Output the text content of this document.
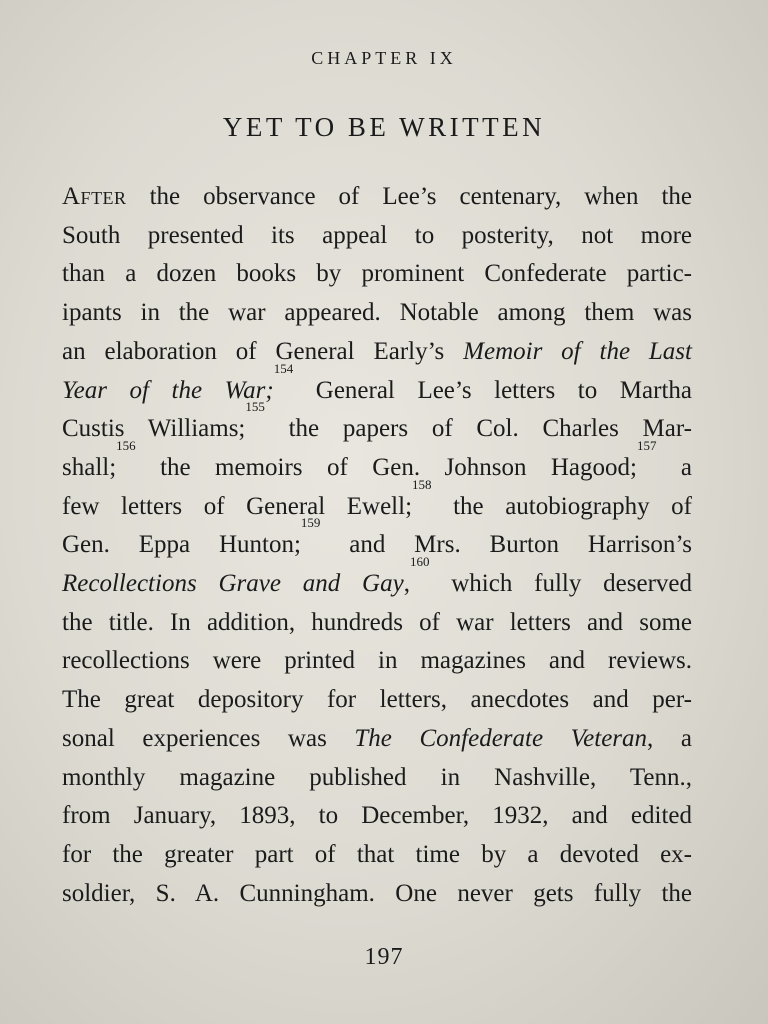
CHAPTER IX
YET TO BE WRITTEN
After the observance of Lee’s centenary, when the
South presented its appeal to posterity, not more
than a dozen books by prominent Confederate partic-
ipants in the war appeared. Notable among them was
an elaboration of General Early’s Memoir of the Last
Year of the War;$^{154}$ General Lee’s letters to Martha
Custis Williams;$^{155}$ the papers of Col. Charles Mar-
shall;$^{156}$ the memoirs of Gen. Johnson Hagood;$^{157}$ a
few letters of General Ewell;$^{158}$ the autobiography of
Gen. Eppa Hunton;$^{159}$ and Mrs. Burton Harrison’s
Recollections Grave and Gay,$^{160}$ which fully deserved
the title. In addition, hundreds of war letters and some
recollections were printed in magazines and reviews.
The great depository for letters, anecdotes and per-
sonal experiences was The Confederate Veteran, a
monthly magazine published in Nashville, Tenn.,
from January, 1893, to December, 1932, and edited
for the greater part of that time by a devoted ex-
soldier, S. A. Cunningham. One never gets fully the
197
